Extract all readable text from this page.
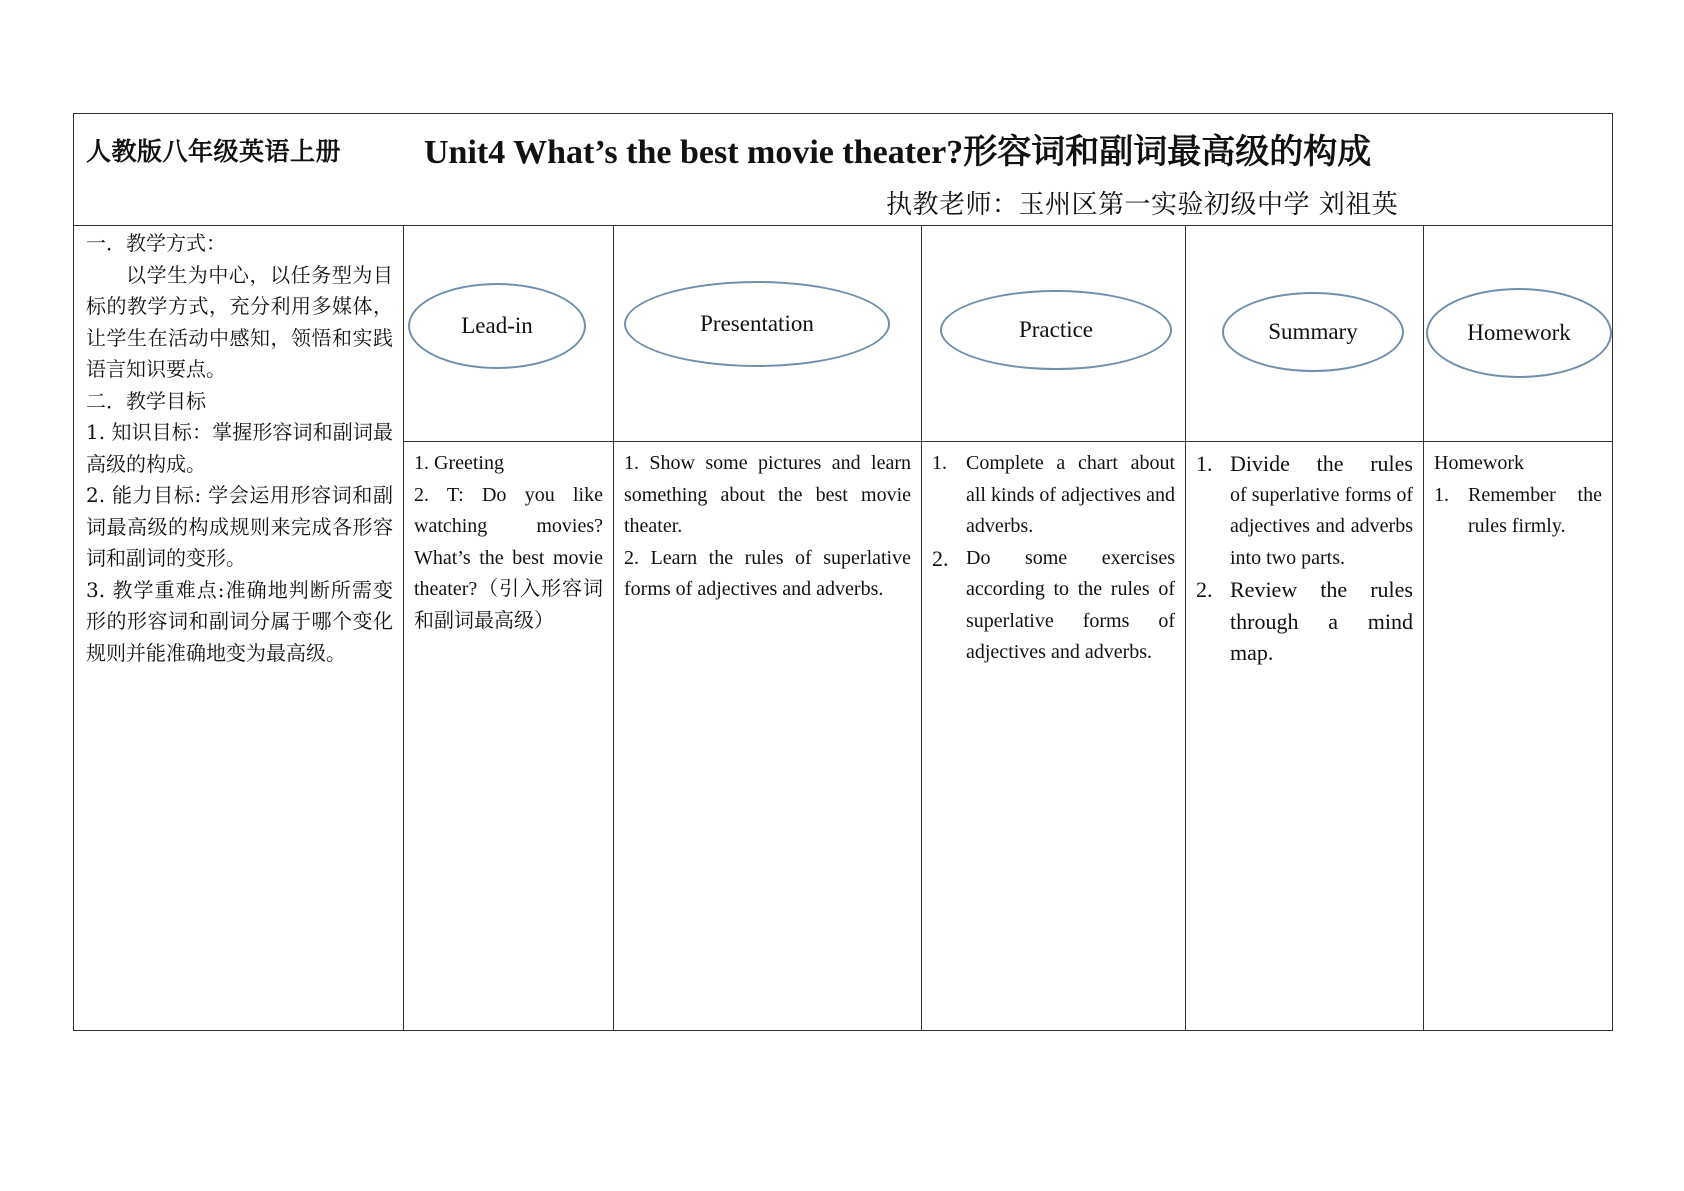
人教版八年级英语上册 Unit4 What’s the best movie theater?形容词和副词最高级的构成
执教老师：玉州区第一实验初级中学 刘祖英

一．教学方式：

以学生为中心，以任务型为目标的教学方式，充分利用多媒体，让学生在活动中感知，领悟和实践语言知识要点。

二．教学目标

1. 知识目标：掌握形容词和副词最高级的构成。

2. 能力目标: 学会运用形容词和副词最高级的构成规则来完成各形容词和副词的变形。

3. 教学重难点:准确地判断所需变形的形容词和副词分属于哪个变化规则并能准确地变为最高级。

Lead-in

1. Greeting

2. T: Do you like watching movies? What’s the best movie theater?（引入形容词和副词最高级）

Presentation

1. Show some pictures and learn something about the best movie theater.

2. Learn the rules of superlative forms of adjectives and adverbs.

Practice
1. Complete a chart about all kinds of adjectives and adverbs.
2. Do some exercises according to the rules of superlative forms of adjectives and adverbs.
Summary
1. Divide the rules
of superlative forms of adjectives and adverbs into two parts.
2. Review the rules through a mind map.
Homework

Homework

1. Remember the rules firmly.
